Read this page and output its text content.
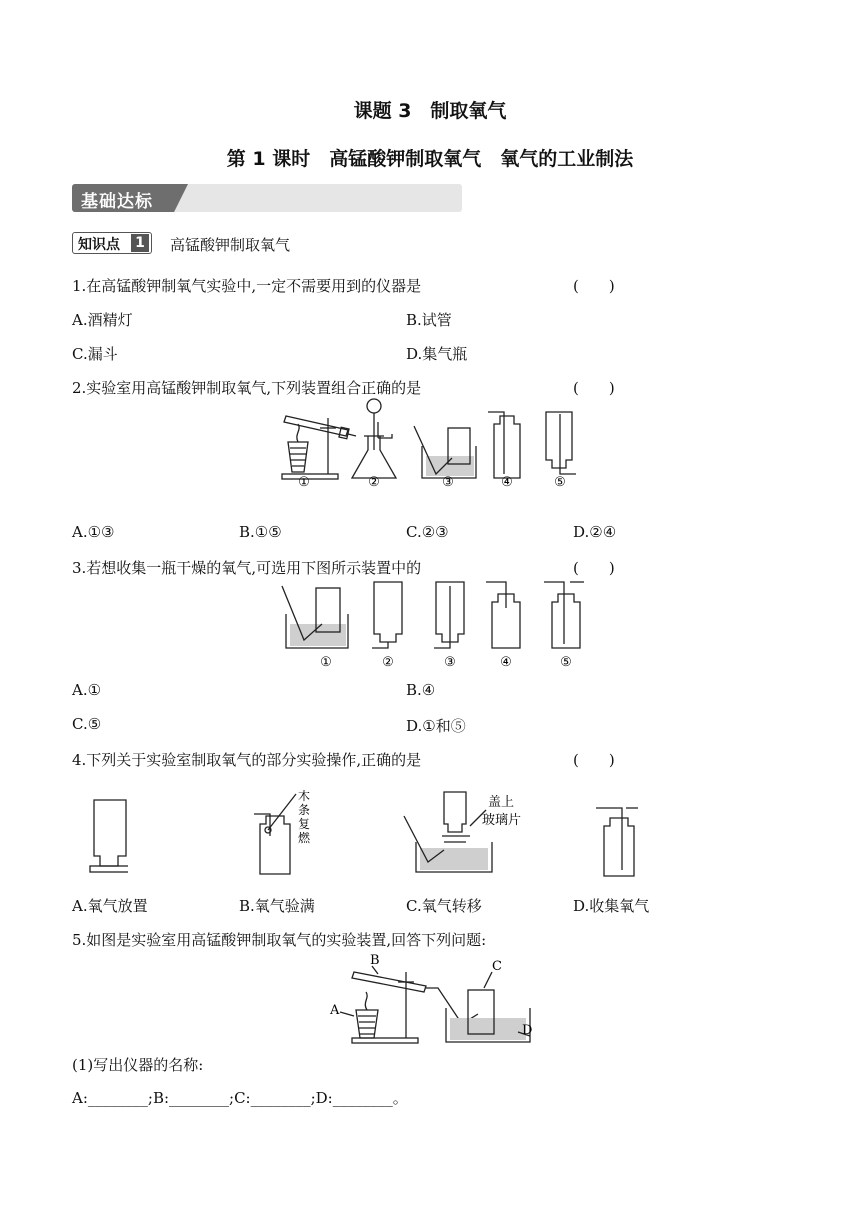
课题 3　制取氧气
第 1 课时　高锰酸钾制取氧气　氧气的工业制法
基础达标
知识点 1 高锰酸钾制取氧气
1.在高锰酸钾制氧气实验中,一定不需要用到的仪器是	(　　)
A.酒精灯	B.试管
C.漏斗	D.集气瓶
2.实验室用高锰酸钾制取氧气,下列装置组合正确的是	(　　)
①	②	③	④	⑤
A.①③	B.①⑤	C.②③	D.②④
3.若想收集一瓶干燥的氧气,可选用下图所示装置中的	(　　)
①	②	③	④	⑤
A.①	B.④
C.⑤	D.①和⑤
4.下列关于实验室制取氧气的部分实验操作,正确的是	(　　)
木
条
复
燃
盖上
玻璃片
A.氧气放置	B.氧气验满	C.氧气转移	D.收集氧气
5.如图是实验室用高锰酸钾制取氧气的实验装置,回答下列问题:
A
B	C
D
(1)写出仪器的名称:
A:________;B:________;C:________;D:________。
